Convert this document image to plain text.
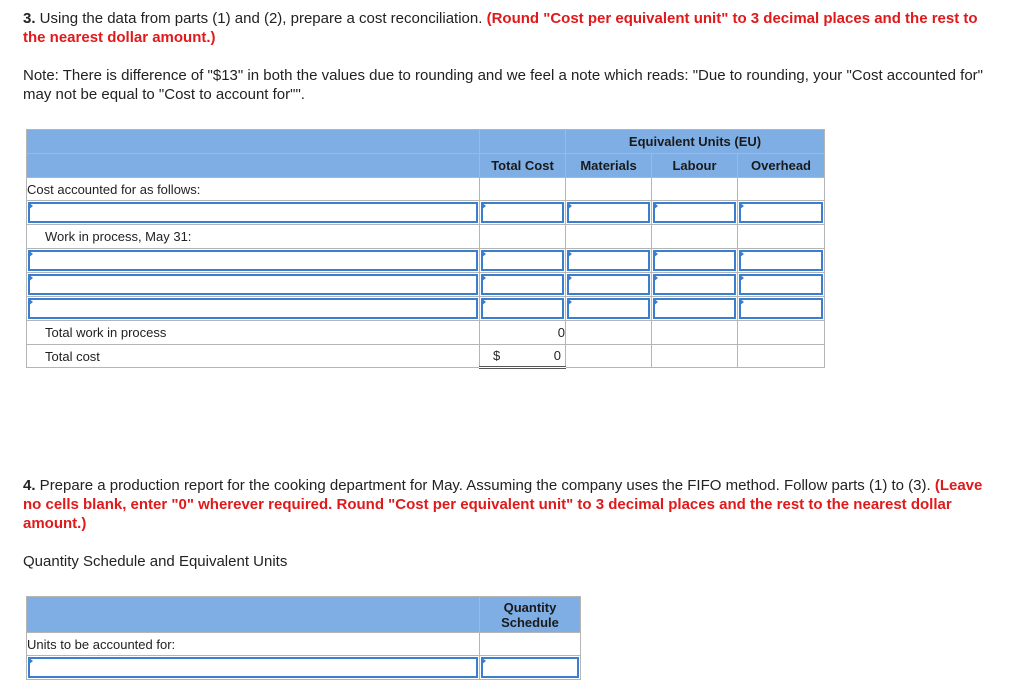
3. Using the data from parts (1) and (2), prepare a cost reconciliation. (Round "Cost per equivalent unit" to 3 decimal places and the rest to the nearest dollar amount.)
Note: There is difference of "$13" in both the values due to rounding and we feel a note which reads: "Due to rounding, your "Cost accounted for" may not be equal to "Cost to account for"".
		Equivalent Units (EU)		
	Total Cost	Materials	Labour	Overhead
Cost accounted for as follows:				

Work in process, May 31:				

Total work in process	0			
Total cost	$ 0			

4. Prepare a production report for the cooking department for May. Assuming the company uses the FIFO method. Follow parts (1) to (3). (Leave no cells blank, enter "0" wherever required. Round "Cost per equivalent unit" to 3 decimal places and the rest to the nearest dollar amount.)
Quantity Schedule and Equivalent Units
	Quantity Schedule
Units to be accounted for:	
